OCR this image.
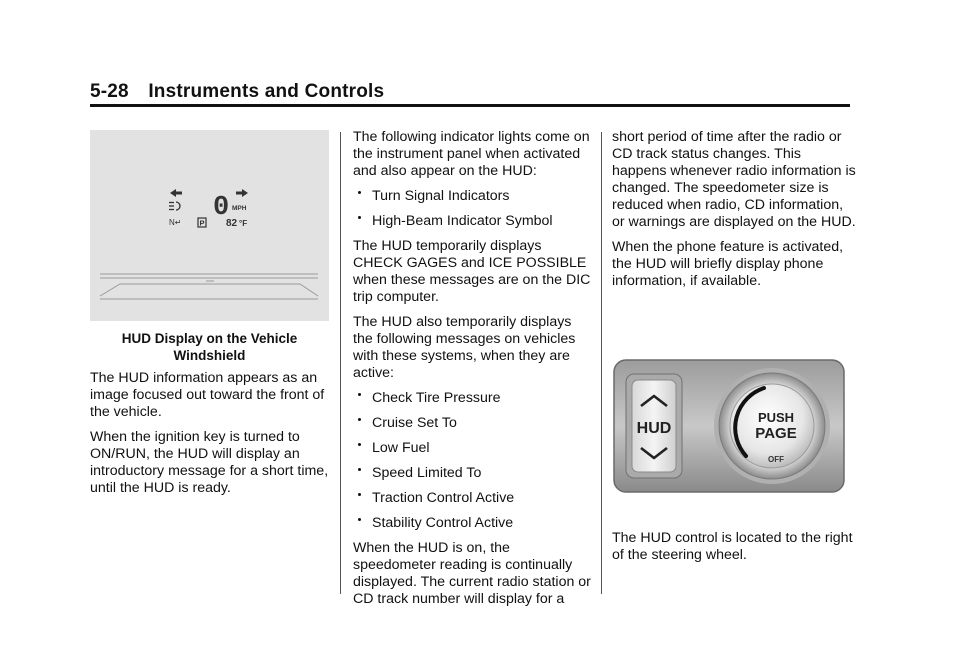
5-28 Instruments and Controls
0 MPH
N↵ P 82 °F
HUD Display on the Vehicle
Windshield

The HUD information appears as an image focused out toward the front of the vehicle.

When the ignition key is turned to ON/RUN, the HUD will display an introductory message for a short time, until the HUD is ready.

The following indicator lights come on the instrument panel when activated and also appear on the HUD:

Turn Signal Indicators
High-Beam Indicator Symbol

The HUD temporarily displays CHECK GAGES and ICE POSSIBLE when these messages are on the DIC trip computer.

The HUD also temporarily displays the following messages on vehicles with these systems, when they are active:

Check Tire Pressure
Cruise Set To
Low Fuel
Speed Limited To
Traction Control Active
Stability Control Active

When the HUD is on, the speedometer reading is continually displayed. The current radio station or CD track number will display for a

short period of time after the radio or CD track status changes. This happens whenever radio information is changed. The speedometer size is reduced when radio, CD information, or warnings are displayed on the HUD.

When the phone feature is activated, the HUD will briefly display phone information, if available.

HUD
PUSH
PAGE
OFF

The HUD control is located to the right of the steering wheel.
